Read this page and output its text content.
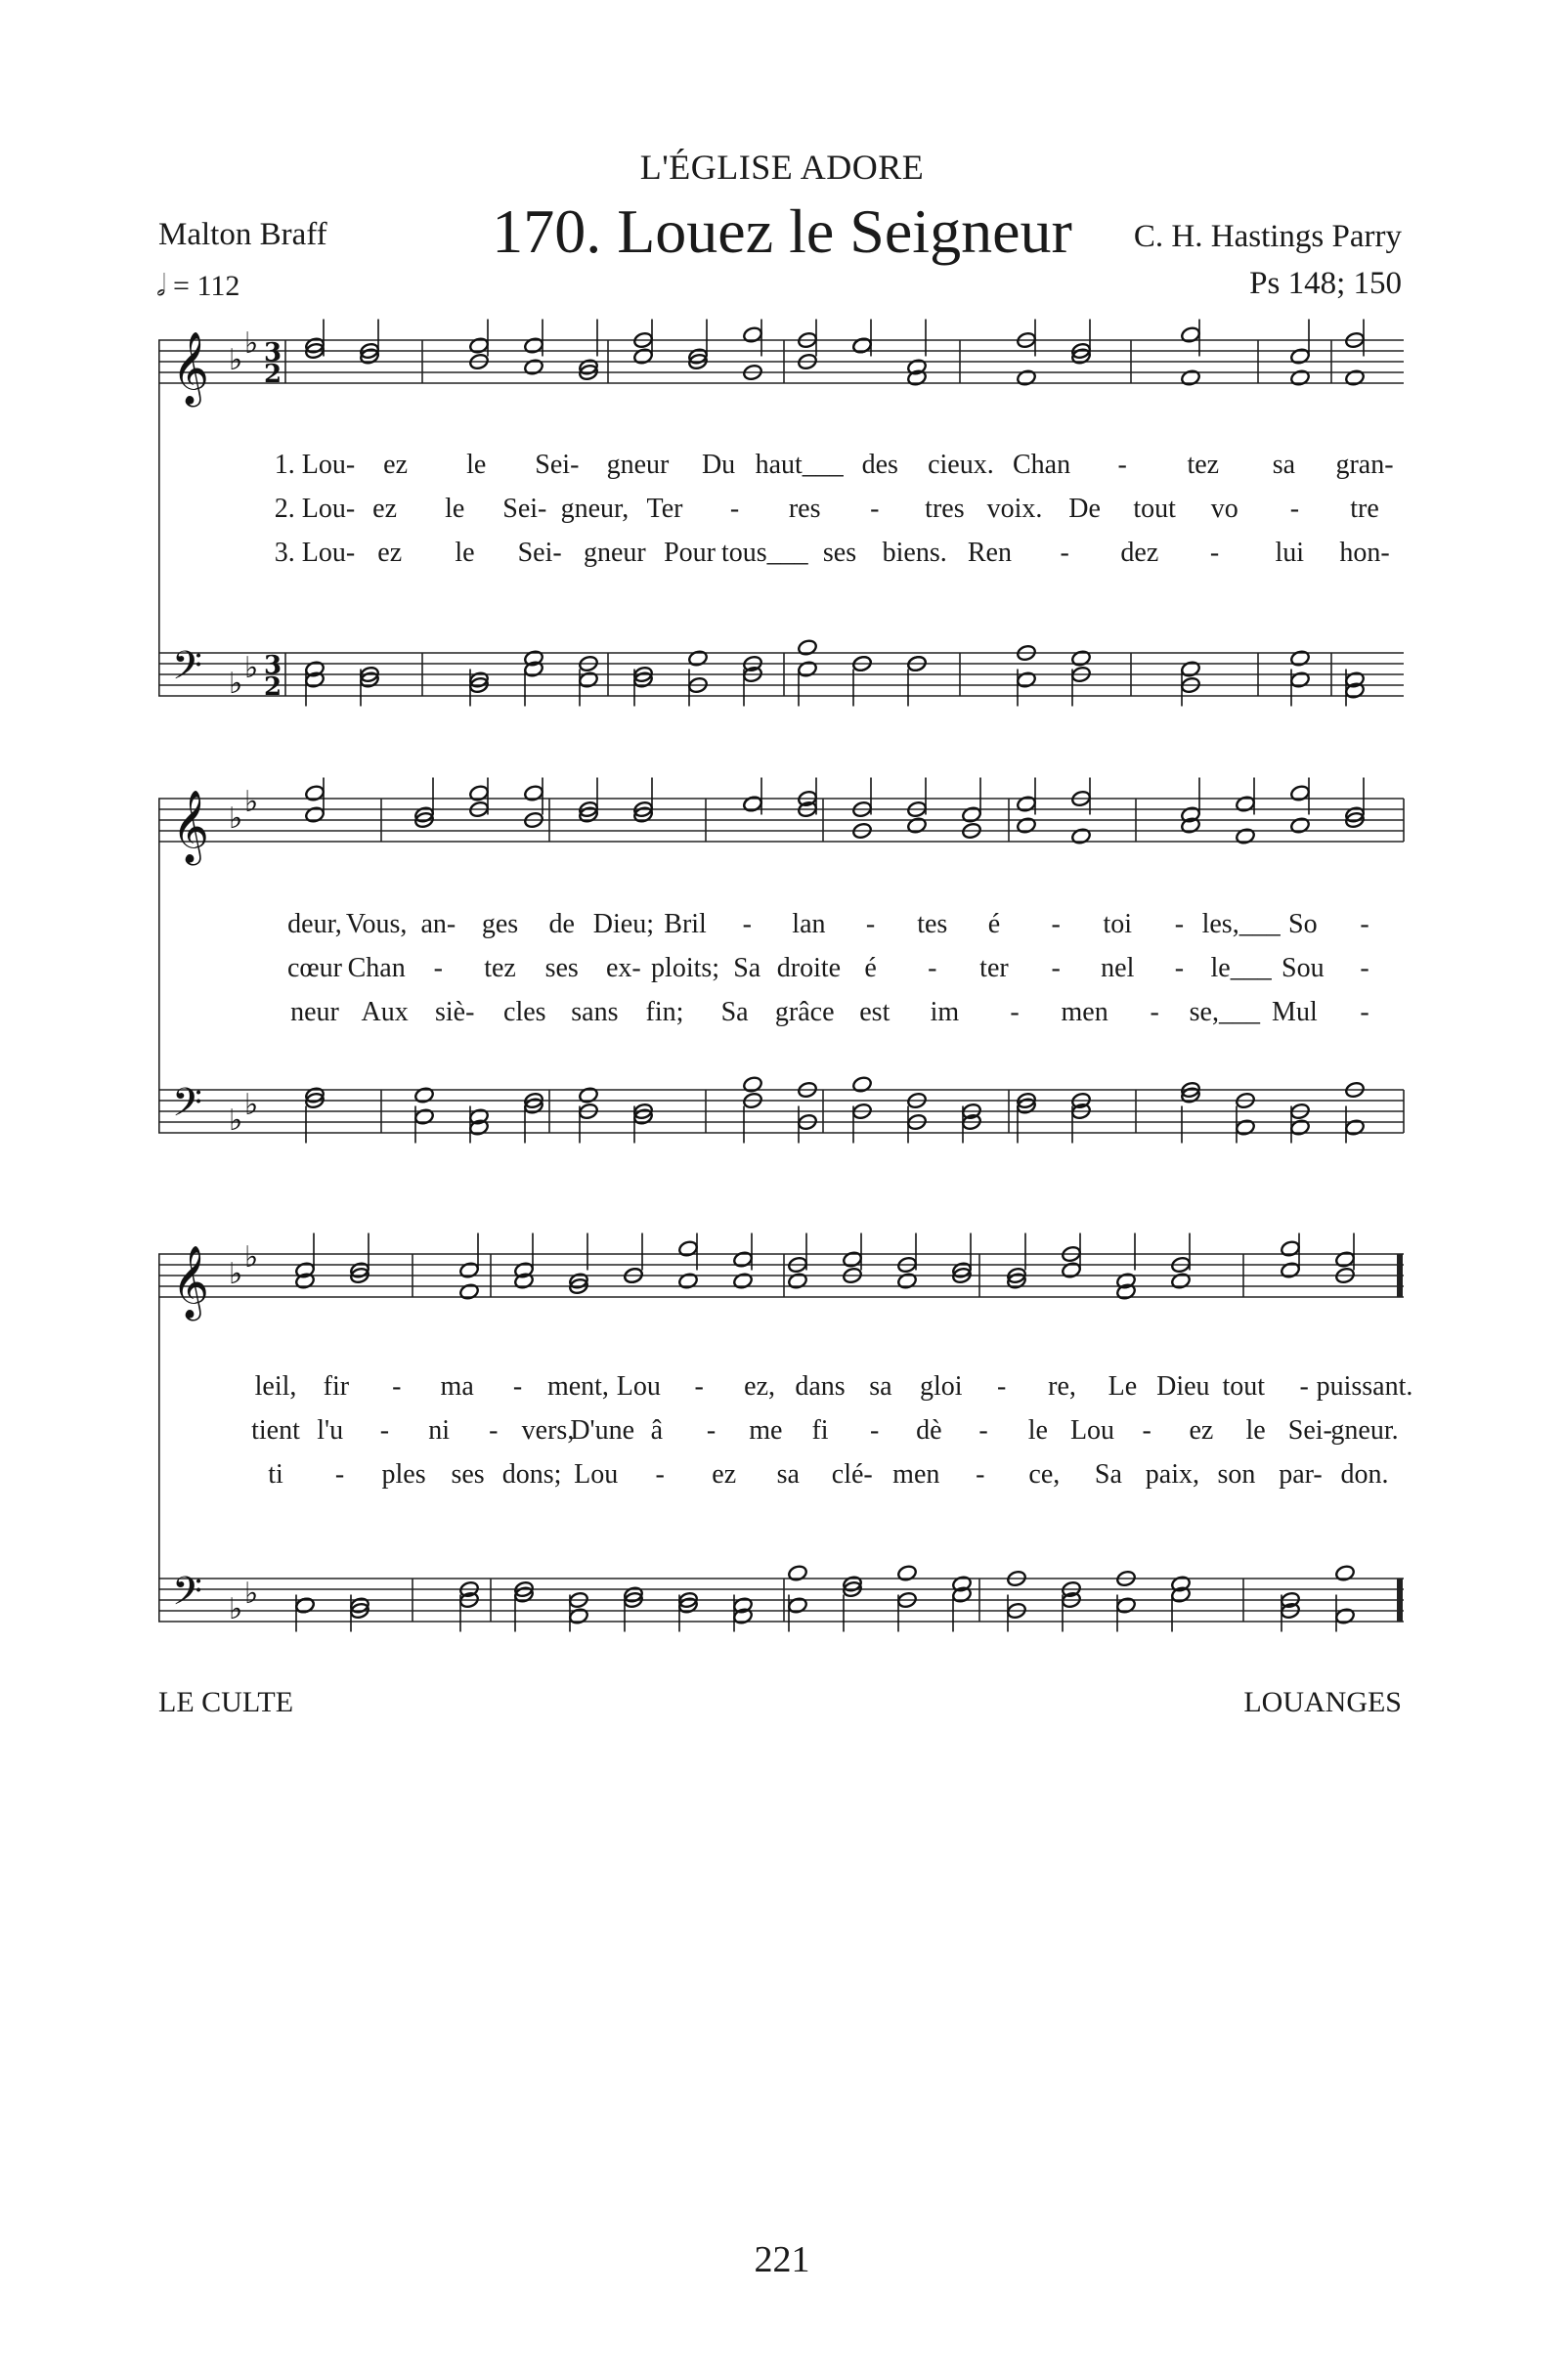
L'ÉGLISE ADORE
170. Louez le Seigneur
Malton Braff	C. H. Hastings Parry
𝅗𝅥 = 112	Ps 148; 150
𝄞 ♭ ♭ 3
2
𝄢 ♭ ♭ 3
2
1. Lou- ez le Sei- gneur Du haut___ des cieux. Chan - tez sa gran-
2. Lou- ez le Sei- gneur, Ter - res - tres voix. De tout vo - tre
3. Lou- ez le Sei- gneur Pour tous___ ses biens. Ren - dez - lui hon-
𝄞 ♭ ♭
𝄢 ♭ ♭
deur, Vous, an- ges de Dieu; Bril - lan - tes é - toi - les,___ So -
cœur Chan - tez ses ex- ploits; Sa droite é - ter - nel - le___ Sou -
neur Aux siè- cles sans fin; Sa grâce est im - men - se,___ Mul -
𝄞 ♭ ♭
𝄢 ♭ ♭
leil, fir - ma - ment, Lou - ez, dans sa gloi - re, Le Dieu tout - puissant.
tient l'u - ni - vers,
D'une â - me fi - dè - le Lou - ez le Sei-
gneur.
ti - ples ses dons; Lou - ez sa clé- men - ce, Sa paix, son par- don.
LE CULTE	LOUANGES
221
